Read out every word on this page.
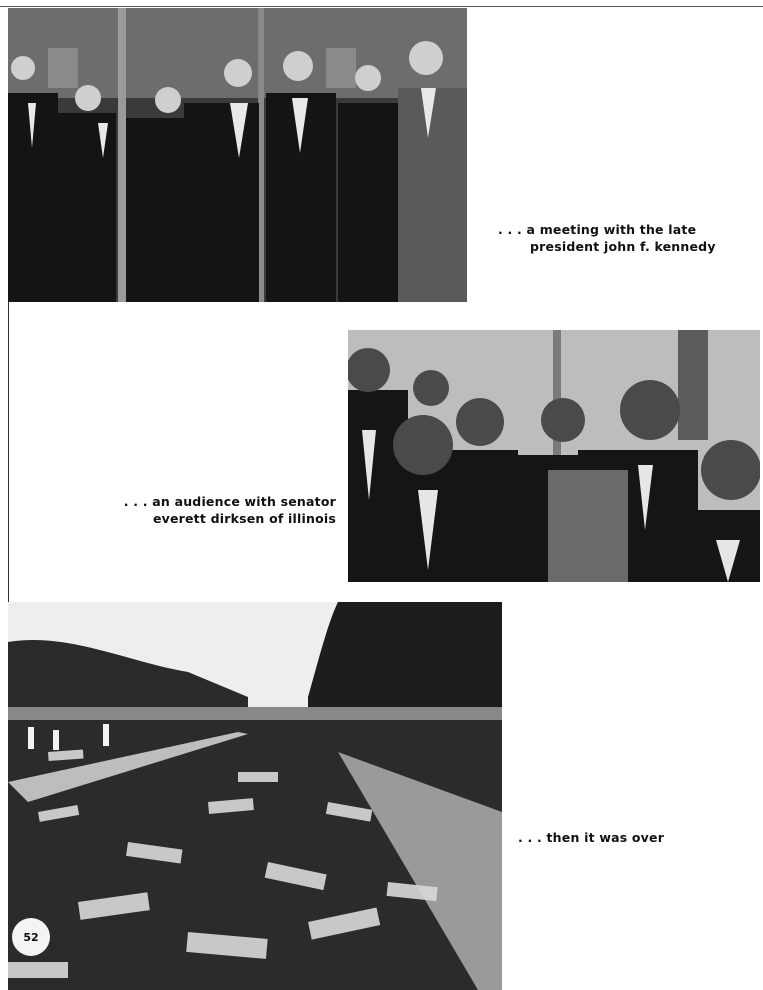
. . . a meeting with the late
president john f. kennedy

. . . an audience with senator
everett dirksen of illinois

. . . then it was over

52
